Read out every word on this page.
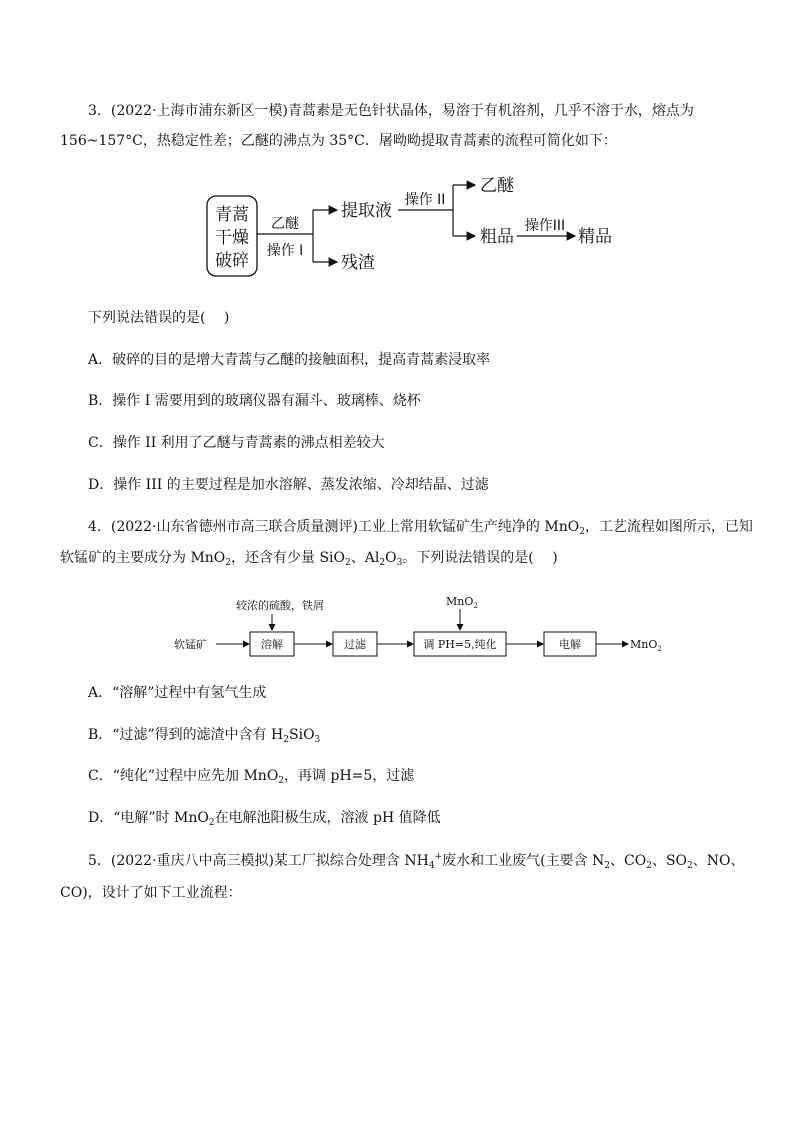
3．(2022·上海市浦东新区一模)青蒿素是无色针状晶体，易溶于有机溶剂，几乎不溶于水，熔点为
156~157°C，热稳定性差；乙醚的沸点为 35°C．屠呦呦提取青蒿素的流程可简化如下：
青蒿
干燥
破碎
乙醚
操作 I
提取液
残渣
操作 II
乙醚
粗品
操作III
精品
下列说法错误的是(　 )
A．破碎的目的是增大青蒿与乙醚的接触面积，提高青蒿素浸取率
B．操作 I 需要用到的玻璃仪器有漏斗、玻璃棒、烧杯
C．操作 II 利用了乙醚与青蒿素的沸点相差较大
D．操作 III 的主要过程是加水溶解、蒸发浓缩、冷却结晶、过滤
4．(2022·山东省德州市高三联合质量测评)工业上常用软锰矿生产纯净的 MnO$_2$，工艺流程如图所示，已知
软锰矿的主要成分为 MnO$_2$，还含有少量 SiO$_2$、$Al_2O_3$。下列说法错误的是(　 )
较浓的硫酸，铁屑	MnO$_2$
软锰矿	溶解	过滤	调 PH=5,纯化	电解	MnO$_2$
A．“溶解”过程中有氢气生成
B．“过滤”得到的滤渣中含有 $H_2SiO_3$
C．“纯化”过程中应先加 MnO$_2$，再调 pH=5，过滤
D．“电解”时 MnO$_2$在电解池阳极生成，溶液 pH 值降低
5．(2022·重庆八中高三模拟)某工厂拟综合处理含 $NH_4^+$废水和工业废气(主要含 $N_2$、$CO_2$、$SO_2$、NO、
CO)，设计了如下工业流程：
